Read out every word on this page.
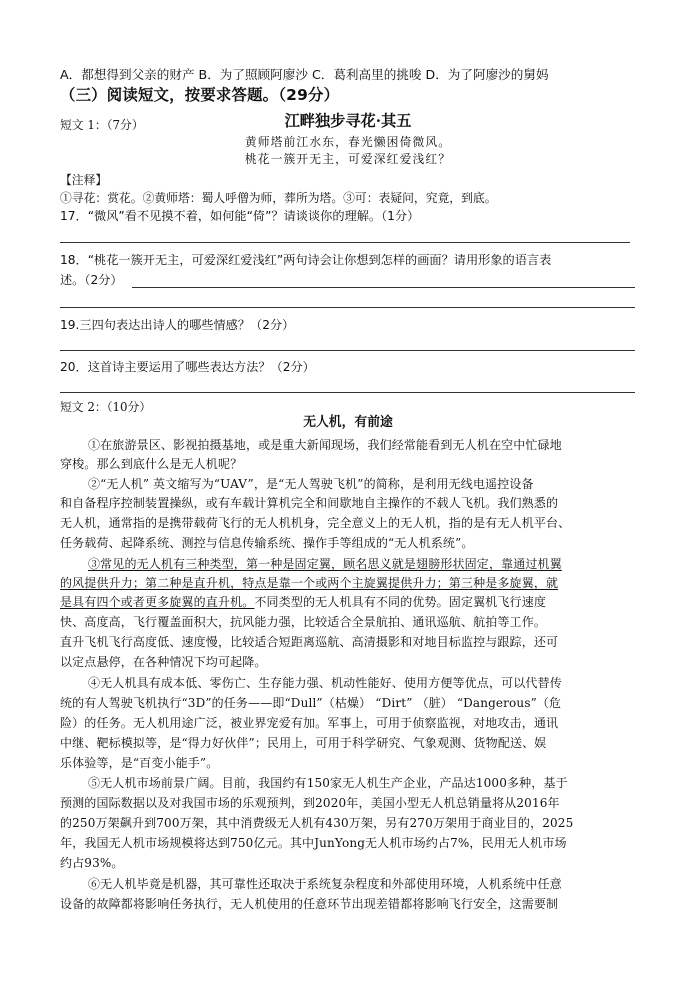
A．都想得到父亲的财产 B．为了照顾阿廖沙 C．葛利高里的挑唆 D．为了阿廖沙的舅妈
（三）阅读短文，按要求答题。（29分）
短文 1：（7分）	江畔独步寻花·其五
黄师塔前江水东，春光懒困倚微风。
桃花一簇开无主，可爱深红爱浅红？
【注释】
①寻花：赏花。②黄师塔：蜀人呼僧为师，葬所为塔。③可：表疑问，究竟，到底。
17．“微风”看不见摸不着，如何能“倚”？请谈谈你的理解。（1分）
18．“桃花一簇开无主，可爱深红爱浅红”两句诗会让你想到怎样的画面？请用形象的语言表
述。（2分）
19.三四句表达出诗人的哪些情感？（2分）
20．这首诗主要运用了哪些表达方法？（2分）
短文 2：（10分）
无人机，有前途
①在旅游景区、影视拍摄基地，或是重大新闻现场，我们经常能看到无人机在空中忙碌地
穿梭。那么到底什么是无人机呢？
②“无人机” 英文缩写为“UAV”，是“无人驾驶飞机”的简称，是利用无线电遥控设备
和自备程序控制装置操纵，或有车载计算机完全和间歇地自主操作的不载人飞机。我们熟悉的
无人机，通常指的是携带载荷飞行的无人机机身，完全意义上的无人机，指的是有无人机平台、
任务载荷、起降系统、测控与信息传输系统、操作手等组成的“无人机系统”。
③常见的无人机有三种类型，第一种是固定翼，顾名思义就是翅膀形状固定，靠通过机翼
的风提供升力；第二种是直升机，特点是靠一个或两个主旋翼提供升力；第三种是多旋翼，就
是具有四个或者更多旋翼的直升机。不同类型的无人机具有不同的优势。固定翼机飞行速度
快、高度高，飞行覆盖面积大，抗风能力强，比较适合全景航拍、通讯巡航、航拍等工作。
直升飞机飞行高度低、速度慢，比较适合短距离巡航、高清摄影和对地目标监控与跟踪，还可
以定点悬停，在各种情况下均可起降。
④无人机具有成本低、零伤亡、生存能力强、机动性能好、使用方便等优点，可以代替传
统的有人驾驶飞机执行“3D”的任务——即“Dull”（枯燥） “Dirt” （脏） “Dangerous”（危
险）的任务。无人机用途广泛，被业界宠爱有加。军事上，可用于侦察监视，对地攻击，通讯
中继、靶标模拟等，是“得力好伙伴”；民用上，可用于科学研究、气象观测、货物配送、娱
乐体验等，是“百变小能手”。
⑤无人机市场前景广阔。目前，我国约有150家无人机生产企业，产品达1000多种，基于
预测的国际数据以及对我国市场的乐观预判，到2020年，美国小型无人机总销量将从2016年
的250万架飙升到700万架，其中消费级无人机有430万架，另有270万架用于商业目的，2025
年，我国无人机市场规模将达到750亿元。其中JunYong无人机市场约占7%，民用无人机市场
约占93%。
⑥无人机毕竟是机器，其可靠性还取决于系统复杂程度和外部使用环境，人机系统中任意
设备的故障都将影响任务执行，无人机使用的任意环节出现差错都将影响飞行安全，这需要制
